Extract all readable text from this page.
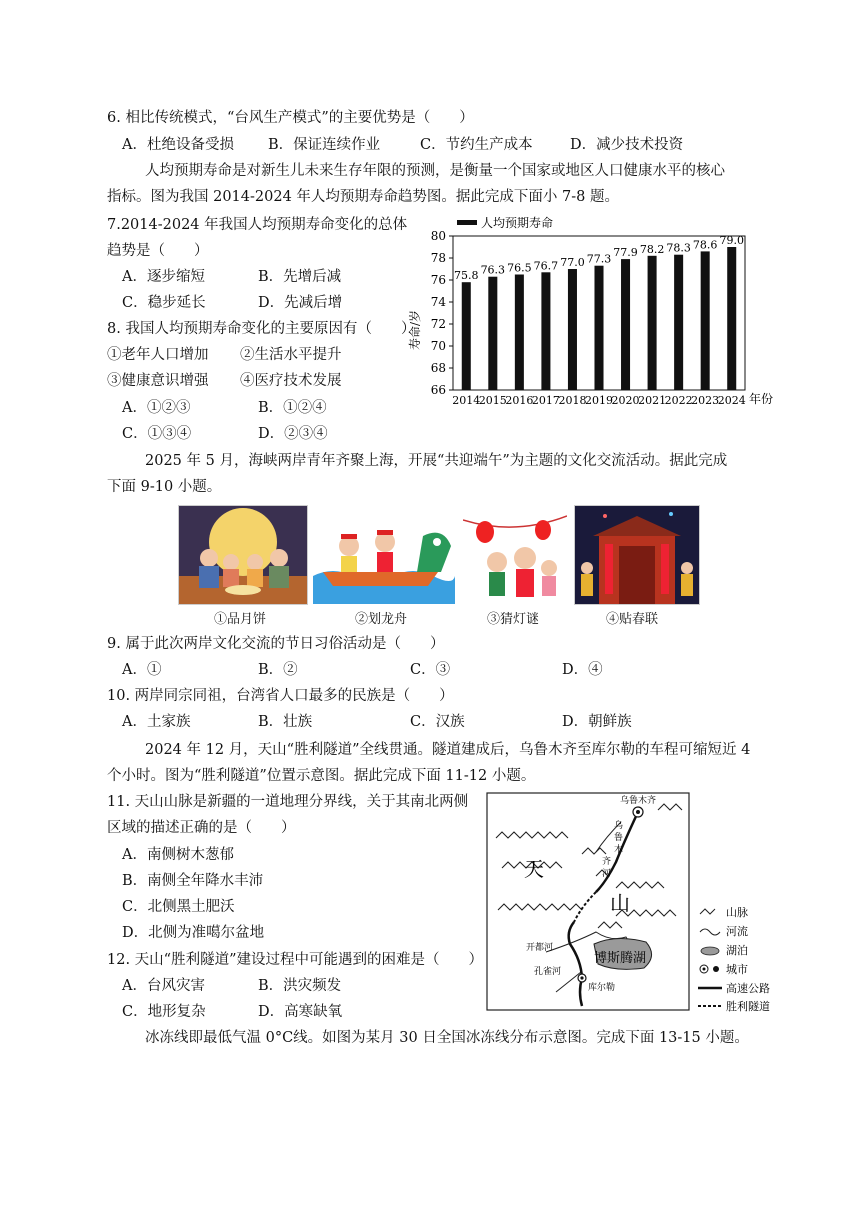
6. 相比传统模式，“台风生产模式”的主要优势是（　　）
A．杜绝设备受损 B．保证连续作业	C．节约生产成本	D．减少技术投资
人均预期寿命是对新生儿未来生存年限的预测，是衡量一个国家或地区人口健康水平的核心
指标。图为我国 2014-2024 年人均预期寿命趋势图。据此完成下面小 7-8 题。
7.2014-2024 年我国人均预期寿命变化的总体
趋势是（　　）
A．逐步缩短	B．先增后减
C．稳步延长	D．先减后增
8. 我国人均预期寿命变化的主要原因有（　　）
①老年人口增加 ②生活水平提升
③健康意识增强 ④医疗技术发展
A．①②③	B．①②④
C．①③④	D．②③④
66
68
70
72
74
76
78
80
75.8
2014
76.3
2015
76.5
2016
76.7
2017
77.0
2018
77.3
2019
77.9
2020
78.2
2021
78.3
2022
78.6
2023
79.0
2024
人均预期寿命
寿命/岁
年份
2025 年 5 月，海峡两岸青年齐聚上海，开展“共迎端午”为主题的文化交流活动。据此完成
下面 9-10 小题。
①品月饼	②划龙舟	③猜灯谜	④贴春联
9. 属于此次两岸文化交流的节日习俗活动是（　　）
A．①	B．②	C．③	D．④
10. 两岸同宗同祖，台湾省人口最多的民族是（　　）
A．土家族	B．壮族	C．汉族	D．朝鲜族
2024 年 12 月，天山“胜利隧道”全线贯通。隧道建成后，乌鲁木齐至库尔勒的车程可缩短近 4
个小时。图为“胜利隧道”位置示意图。据此完成下面 11-12 小题。
11. 天山山脉是新疆的一道地理分界线，关于其南北两侧
区域的描述正确的是（　　）
A．南侧树木葱郁
B．南侧全年降水丰沛
C．北侧黑土肥沃
D．北侧为准噶尔盆地
12. 天山“胜利隧道”建设过程中可能遇到的困难是（　　）
A．台风灾害	B．洪灾频发
C．地形复杂	D．高寒缺氧
乌鲁木齐
乌
鲁
木
齐
河
天
山
开都河
孔雀河
博斯腾湖
库尔勒
山脉
河流
湖泊
城市
高速公路
胜利隧道
冰冻线即最低气温 0°C线。如图为某月 30 日全国冰冻线分布示意图。完成下面 13-15 小题。
